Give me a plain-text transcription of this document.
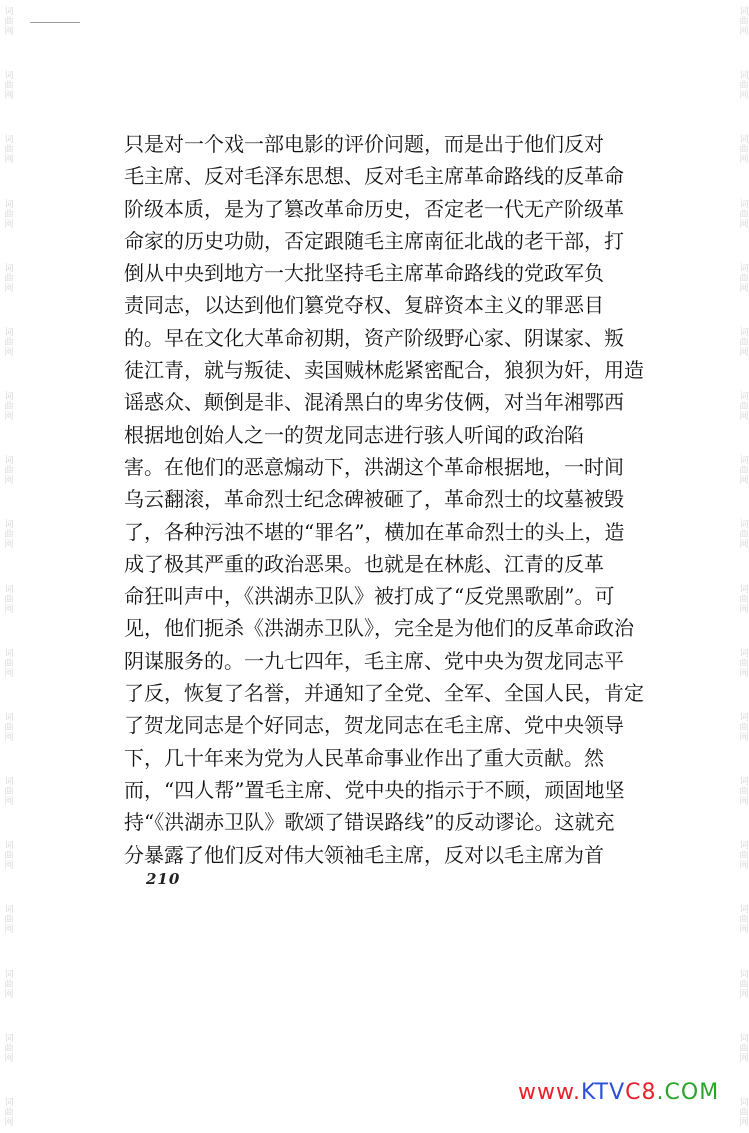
词曲网
词曲网
词曲网
词曲网
词曲网
词曲网
词曲网
词曲网
词曲网
词曲网
词曲网
词曲网
词曲网
词曲网
词曲网
词曲网
词曲网
词曲网
词曲网
词曲网
词曲网
词曲网
词曲网
词曲网
词曲网
词曲网
词曲网
词曲网
词曲网
词曲网
词曲网
词曲网
词曲网
词曲网
词曲网
词曲网
只是对一个戏一部电影的评价问题，而是出于他们反对
毛主席、反对毛泽东思想、反对毛主席革命路线的反革命
阶级本质，是为了篡改革命历史，否定老一代无产阶级革
命家的历史功勋，否定跟随毛主席南征北战的老干部，打
倒从中央到地方一大批坚持毛主席革命路线的党政军负
责同志，以达到他们篡党夺权、复辟资本主义的罪恶目
的。早在文化大革命初期，资产阶级野心家、阴谋家、叛
徒江青，就与叛徒、卖国贼林彪紧密配合，狼狈为奸，用造
谣惑众、颠倒是非、混淆黑白的卑劣伎俩，对当年湘鄂西
根据地创始人之一的贺龙同志进行骇人听闻的政治陷
害。在他们的恶意煽动下，洪湖这个革命根据地，一时间
乌云翻滚，革命烈士纪念碑被砸了，革命烈士的坟墓被毁
了，各种污浊不堪的“罪名”，横加在革命烈士的头上，造
成了极其严重的政治恶果。也就是在林彪、江青的反革
命狂叫声中，《洪湖赤卫队》被打成了“反党黑歌剧”。可
见，他们扼杀《洪湖赤卫队》，完全是为他们的反革命政治
阴谋服务的。一九七四年，毛主席、党中央为贺龙同志平
了反，恢复了名誉，并通知了全党、全军、全国人民，肯定
了贺龙同志是个好同志，贺龙同志在毛主席、党中央领导
下，几十年来为党为人民革命事业作出了重大贡献。然
而，“四人帮”置毛主席、党中央的指示于不顾，顽固地坚
持“《洪湖赤卫队》歌颂了错误路线”的反动谬论。这就充
分暴露了他们反对伟大领袖毛主席，反对以毛主席为首
210
www.KTVC8.COM
